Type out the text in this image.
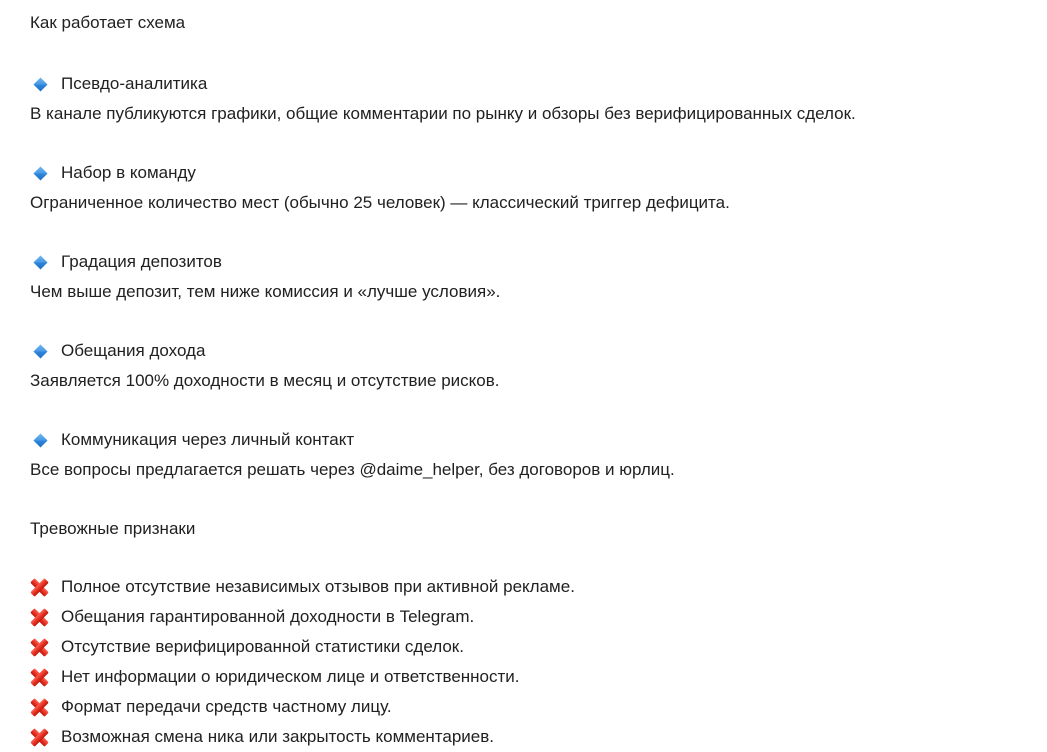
Как работает схема
Псевдо-аналитика

В канале публикуются графики, общие комментарии по рынку и обзоры без верифицированных сделок.

Набор в команду

Ограниченное количество мест (обычно 25 человек) — классический триггер дефицита.

Градация депозитов

Чем выше депозит, тем ниже комиссия и «лучше условия».

Обещания дохода

Заявляется 100% доходности в месяц и отсутствие рисков.

Коммуникация через личный контакт

Все вопросы предлагается решать через @daime_helper, без договоров и юрлиц.

Тревожные признаки
Полное отсутствие независимых отзывов при активной рекламе.
Обещания гарантированной доходности в Telegram.
Отсутствие верифицированной статистики сделок.
Нет информации о юридическом лице и ответственности.
Формат передачи средств частному лицу.
Возможная смена ника или закрытость комментариев.
